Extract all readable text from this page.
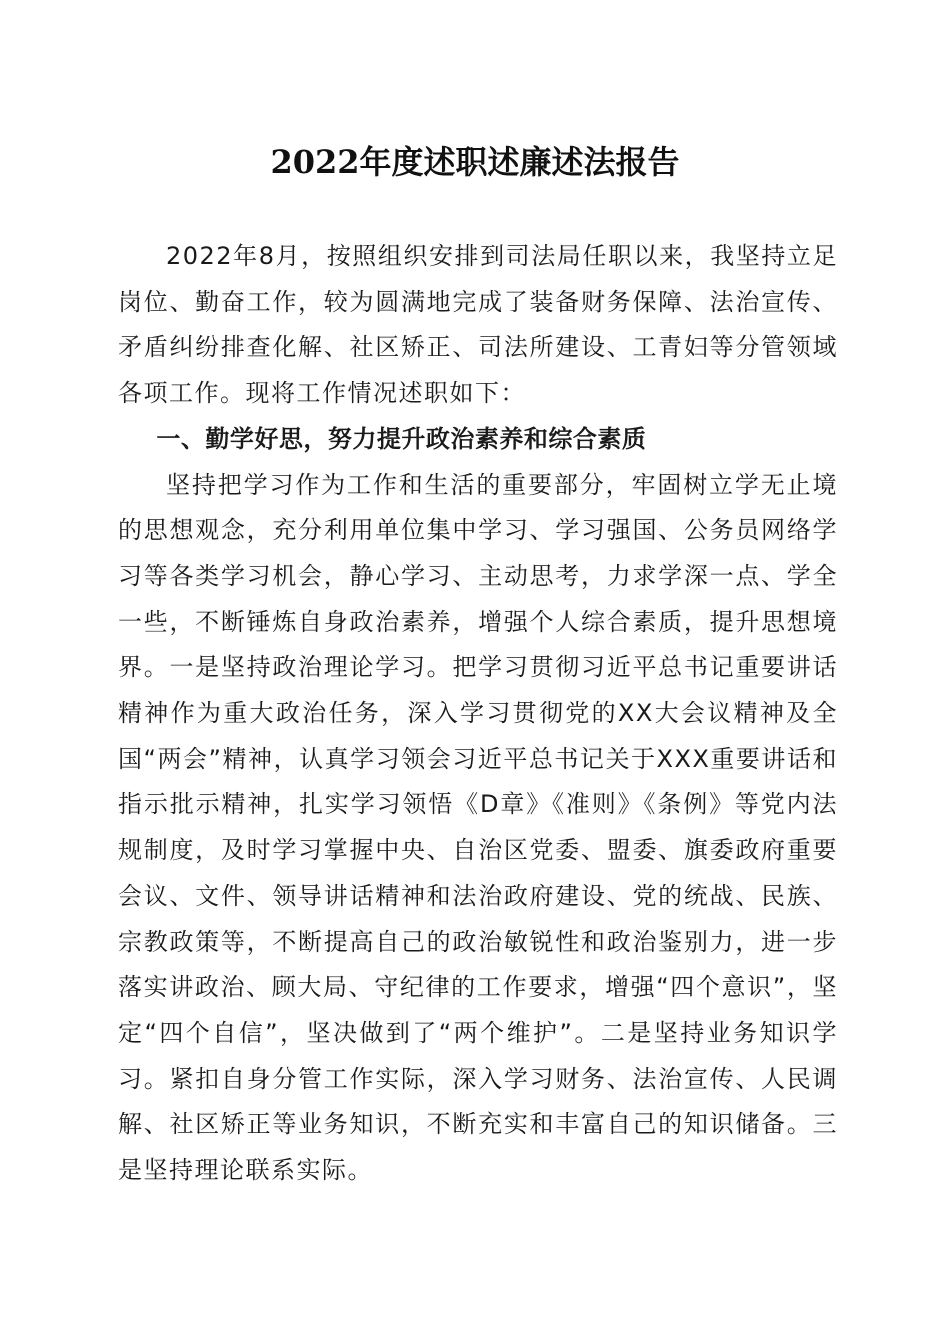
2022年度述职述廉述法报告

2022年8月，按照组织安排到司法局任职以来，我坚持立足岗位、勤奋工作，较为圆满地完成了装备财务保障、法治宣传、矛盾纠纷排查化解、社区矫正、司法所建设、工青妇等分管领域各项工作。现将工作情况述职如下：

一、勤学好思，努力提升政治素养和综合素质

坚持把学习作为工作和生活的重要部分，牢固树立学无止境的思想观念，充分利用单位集中学习、学习强国、公务员网络学习等各类学习机会，静心学习、主动思考，力求学深一点、学全一些，不断锤炼自身政治素养，增强个人综合素质，提升思想境界。一是坚持政治理论学习。把学习贯彻习近平总书记重要讲话精神作为重大政治任务，深入学习贯彻党的XX大会议精神及全国“两会”精神，认真学习领会习近平总书记关于XXX重要讲话和指示批示精神，扎实学习领悟《D章》《准则》《条例》等党内法规制度，及时学习掌握中央、自治区党委、盟委、旗委政府重要会议、文件、领导讲话精神和法治政府建设、党的统战、民族、宗教政策等，不断提高自己的政治敏锐性和政治鉴别力，进一步落实讲政治、顾大局、守纪律的工作要求，增强“四个意识”，坚定“四个自信”，坚决做到了“两个维护”。二是坚持业务知识学习。紧扣自身分管工作实际，深入学习财务、法治宣传、人民调解、社区矫正等业务知识，不断充实和丰富自己的知识储备。三是坚持理论联系实际。
